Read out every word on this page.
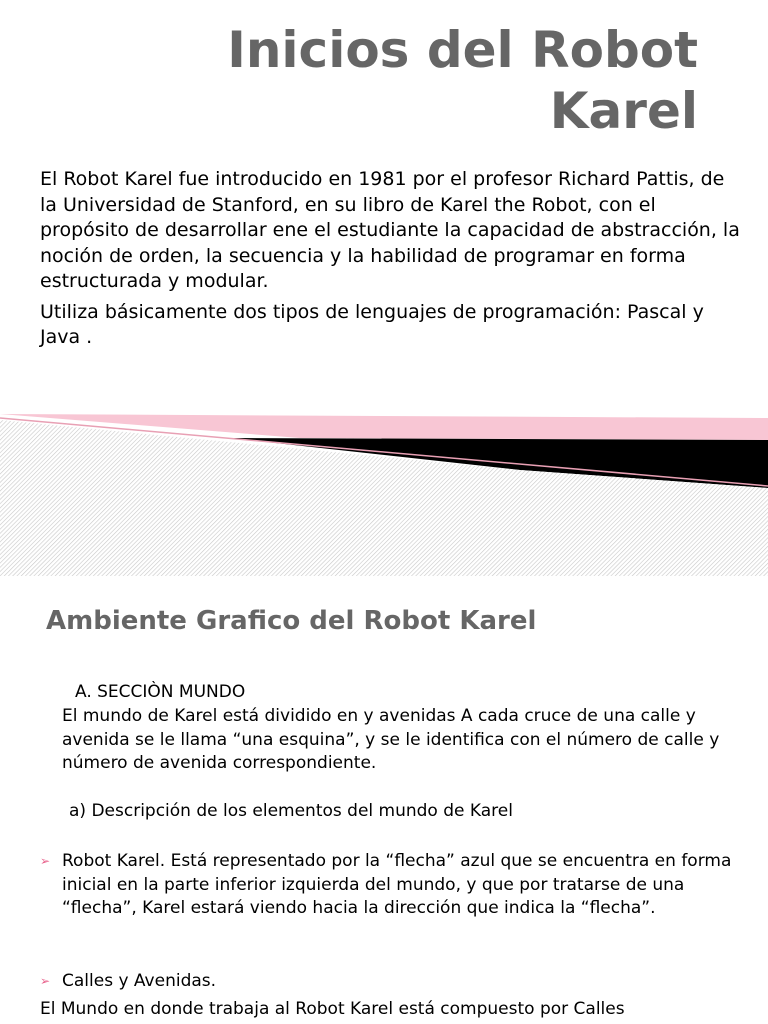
Inicios del Robot
Karel

El Robot Karel fue introducido en 1981 por el profesor Richard Pattis, de la Universidad de Stanford, en su libro de Karel the Robot, con el propósito de desarrollar ene el estudiante la capacidad de abstracción, la noción de orden, la secuencia y la habilidad de programar en forma estructurada y modular.

Utiliza básicamente dos tipos de lenguajes de programación: Pascal y Java .

Ambiente Grafico del Robot Karel

A. SECCIÒN MUNDO

El mundo de Karel está dividido en y avenidas A cada cruce de una calle y avenida se le llama “una esquina”, y se le identifica con el número de calle y número de avenida correspondiente.

a) Descripción de los elementos del mundo de Karel

➢ Robot Karel. Está representado por la “flecha” azul que se encuentra en forma inicial en la parte inferior izquierda del mundo, y que por tratarse de una “flecha”, Karel estará viendo hacia la dirección que indica la “flecha”.
➢ Calles y Avenidas.

El Mundo en donde trabaja al Robot Karel está compuesto por Calles
